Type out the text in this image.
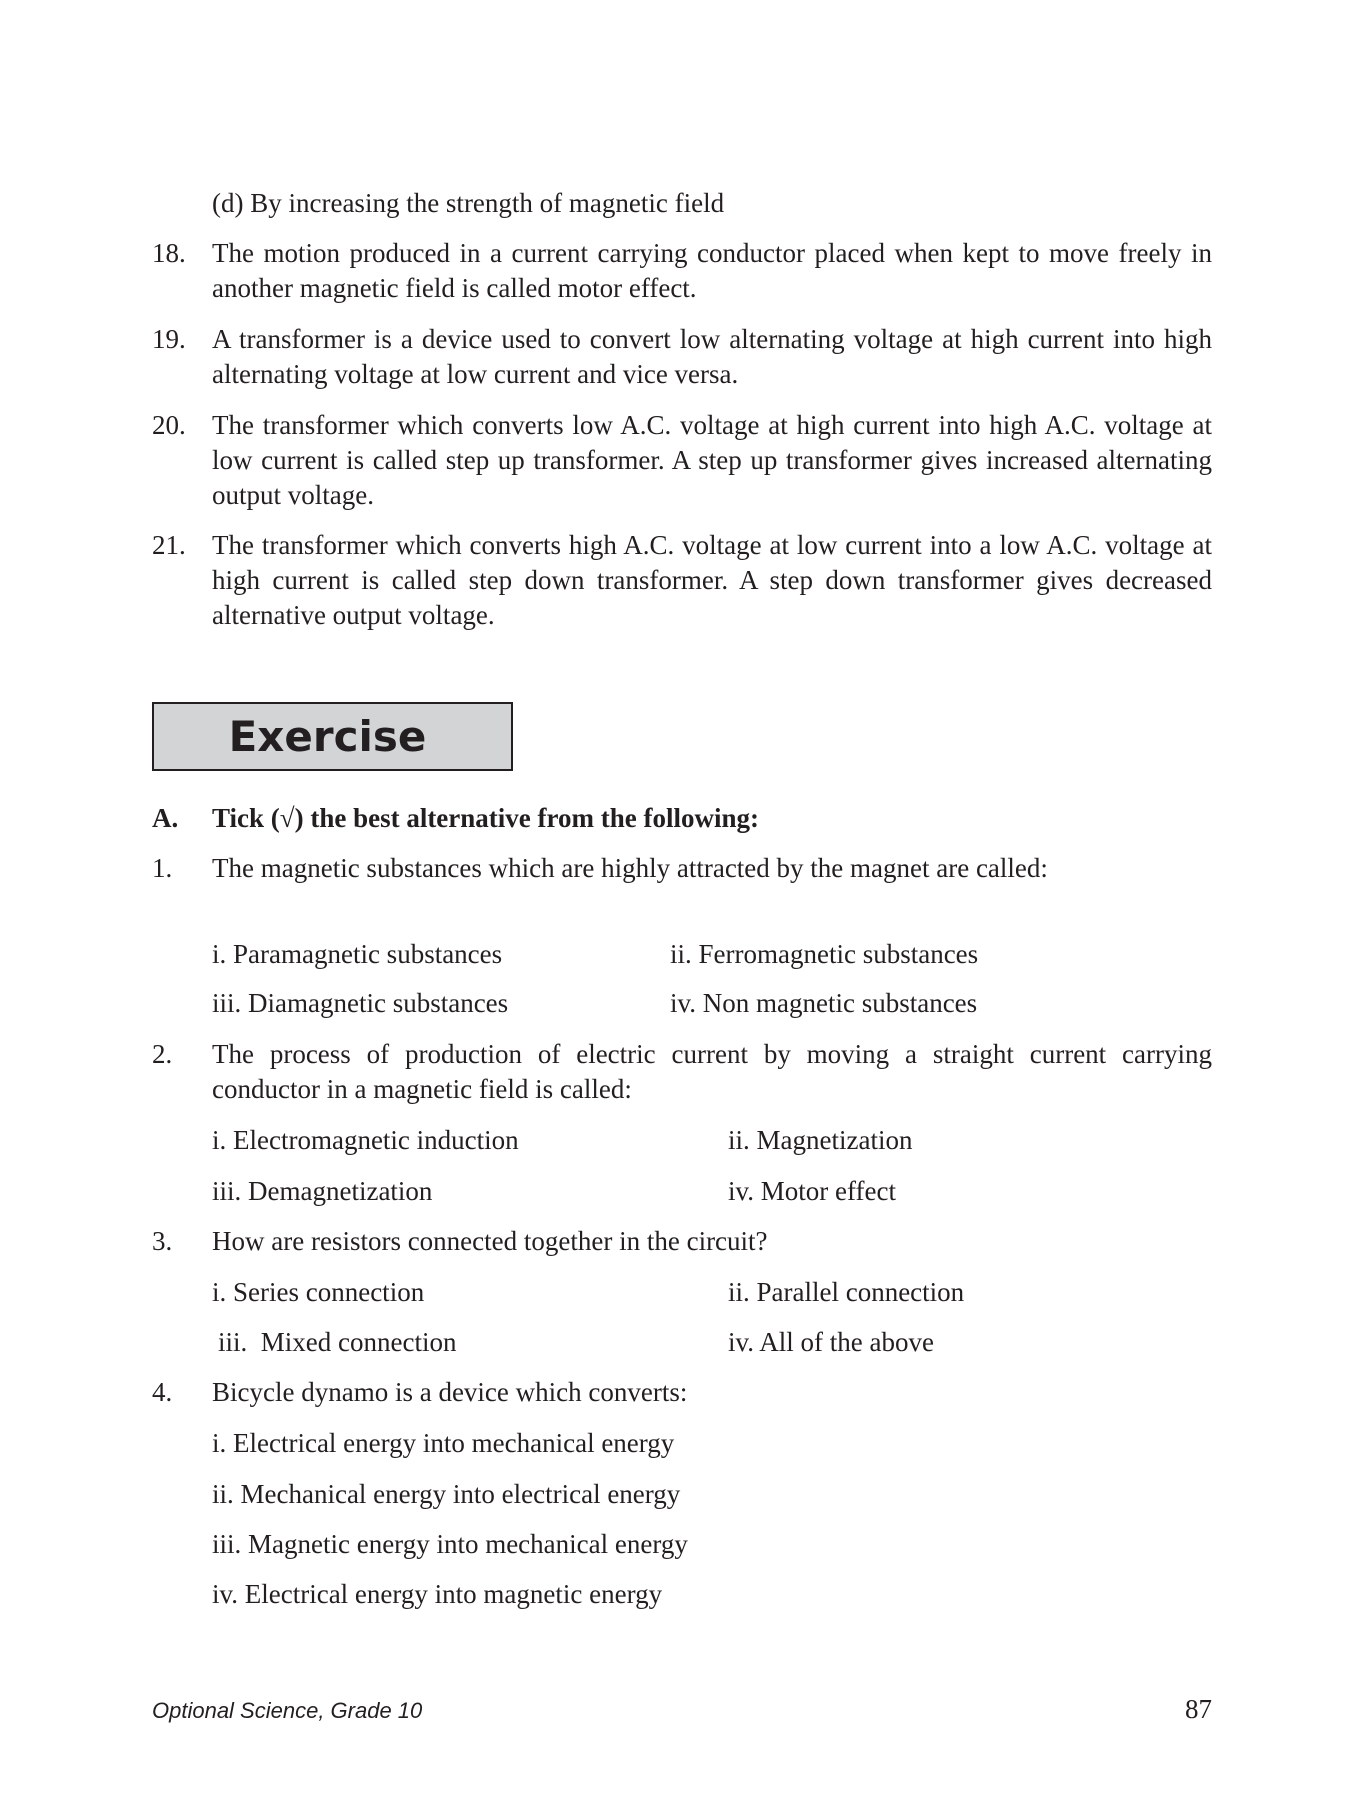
(d) By increasing the strength of magnetic field
18. The motion produced in a current carrying conductor placed when kept to move freely in another magnetic field is called motor effect.
19. A transformer is a device used to convert low alternating voltage at high current into high alternating voltage at low current and vice versa.
20. The transformer which converts low A.C. voltage at high current into high A.C. voltage at low current is called step up transformer. A step up transformer gives increased alternating output voltage.
21. The transformer which converts high A.C. voltage at low current into a low A.C. voltage at high current is called step down transformer. A step down transformer gives decreased alternative output voltage.
Exercise
A.	Tick (√) the best alternative from the following:
1.	The magnetic substances which are highly attracted by the magnet are called:
i. Paramagnetic substances	ii. Ferromagnetic substances
iii. Diamagnetic substances	iv. Non magnetic substances
2.	The process of production of electric current by moving a straight current carrying conductor in a magnetic field is called:
i. Electromagnetic induction	ii. Magnetization
iii. Demagnetization	iv. Motor effect
3.	How are resistors connected together in the circuit?
i. Series connection	ii. Parallel connection
iii.  Mixed connection	iv. All of the above
4.	Bicycle dynamo is a device which converts:
i. Electrical energy into mechanical energy
ii. Mechanical energy into electrical energy
iii. Magnetic energy into mechanical energy
iv. Electrical energy into magnetic energy
Optional Science, Grade 10	87
